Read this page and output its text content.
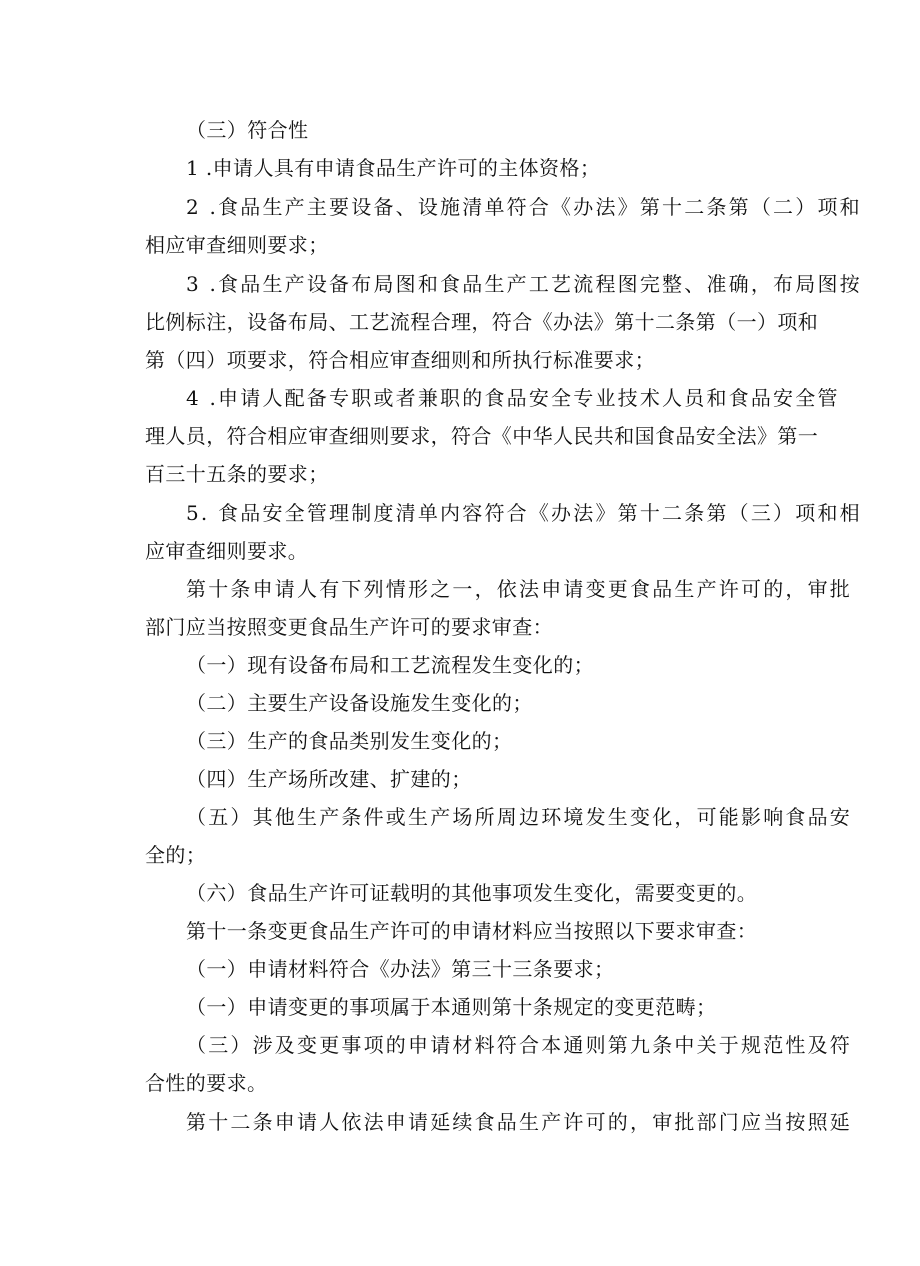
（三）符合性
1 .申请人具有申请食品生产许可的主体资格；
2 .食品生产主要设备、设施清单符合《办法》第十二条第（二）项和
相应审查细则要求；
3 .食品生产设备布局图和食品生产工艺流程图完整、准确，布局图按
比例标注，设备布局、工艺流程合理，符合《办法》第十二条第（一）项和
第（四）项要求，符合相应审查细则和所执行标准要求；
4 .申请人配备专职或者兼职的食品安全专业技术人员和食品安全管
理人员，符合相应审查细则要求，符合《中华人民共和国食品安全法》第一
百三十五条的要求；
5. 食品安全管理制度清单内容符合《办法》第十二条第（三）项和相
应审查细则要求。
第十条申请人有下列情形之一，依法申请变更食品生产许可的，审批
部门应当按照变更食品生产许可的要求审查：
（一）现有设备布局和工艺流程发生变化的；
（二）主要生产设备设施发生变化的；
（三）生产的食品类别发生变化的；
（四）生产场所改建、扩建的；
（五）其他生产条件或生产场所周边环境发生变化，可能影响食品安
全的；
（六）食品生产许可证载明的其他事项发生变化，需要变更的。
第十一条变更食品生产许可的申请材料应当按照以下要求审查：
（一）申请材料符合《办法》第三十三条要求；
（一）申请变更的事项属于本通则第十条规定的变更范畴；
（三）涉及变更事项的申请材料符合本通则第九条中关于规范性及符
合性的要求。
第十二条申请人依法申请延续食品生产许可的，审批部门应当按照延
